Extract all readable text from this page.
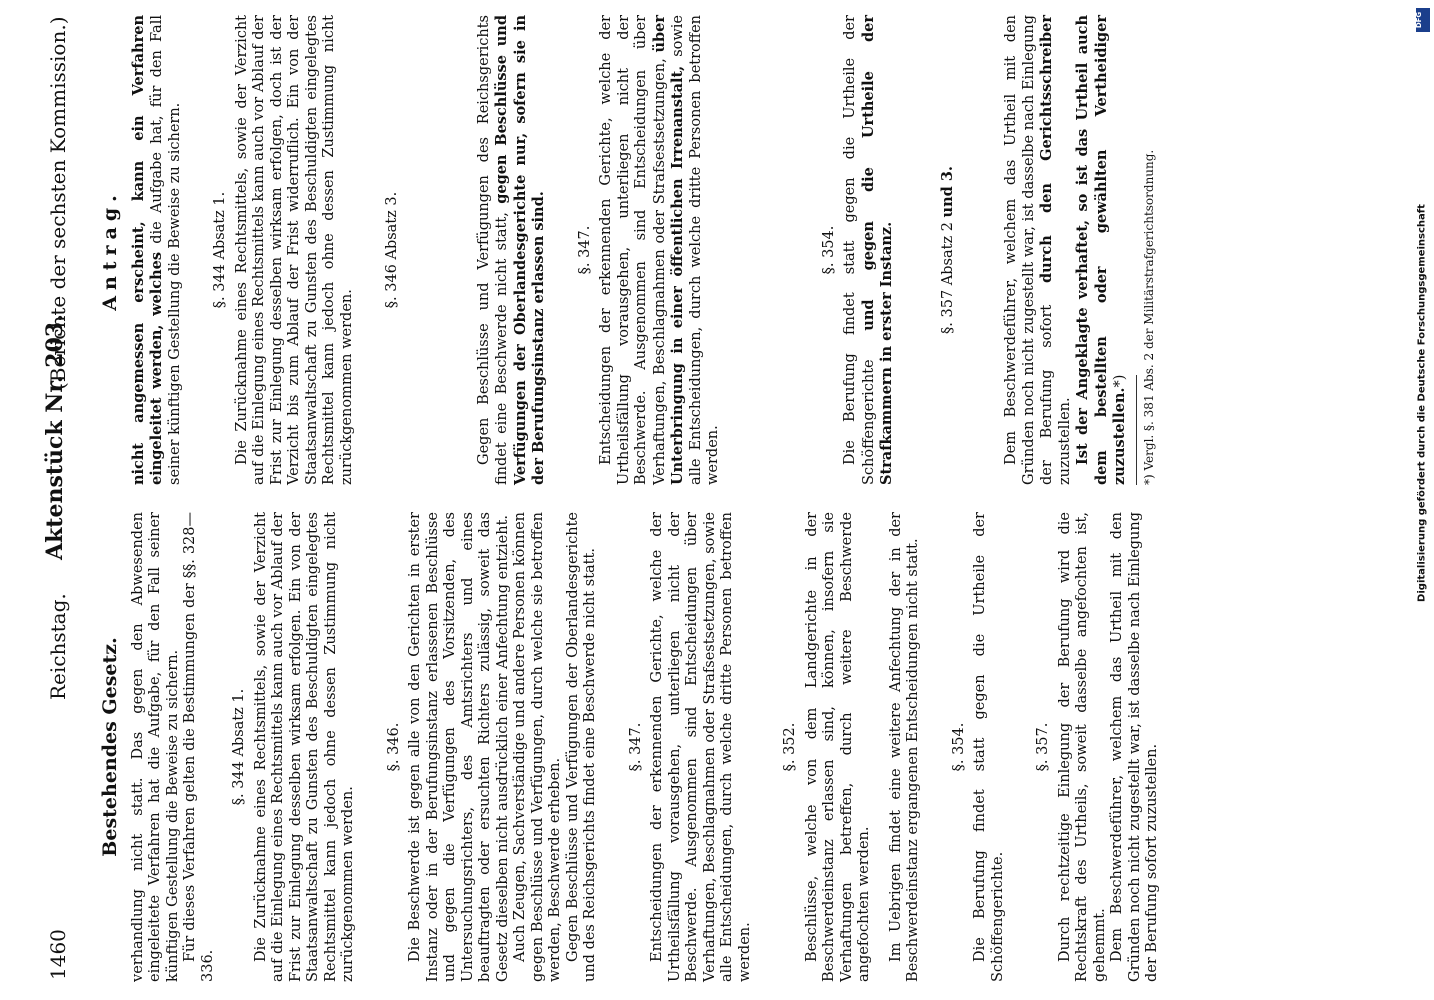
1460
Reichstag.
Aktenstück Nr. 203.
(Berichte der sechsten Kommission.)
Bestehendes Gesetz. verhandlung nicht statt. Das gegen den Abwesenden eingeleitete Verfahren hat die Aufgabe, für den Fall seiner künftigen Gestellung die Beweise zu sichern. Für dieses Verfahren gelten die Bestimmungen der §§. 328—336.

§. 344 Absatz 1. Die Zurücknahme eines Rechtsmittels, sowie der Verzicht auf die Einlegung eines Rechtsmittels kann auch vor Ablauf der Frist zur Einlegung desselben wirksam erfolgen. Ein von der Staatsanwaltschaft zu Gunsten des Beschuldigten eingelegtes Rechtsmittel kann jedoch ohne dessen Zustimmung nicht zurückgenommen werden.

§. 346. Die Beschwerde ist gegen alle von den Gerichten in erster Instanz oder in der Berufungsinstanz erlassenen Beschlüsse und gegen die Verfügungen des Vorsitzenden, des Untersuchungsrichters, des Amtsrichters und eines beauftragten oder ersuchten Richters zulässig, soweit das Gesetz dieselben nicht ausdrücklich einer Anfechtung entzieht. Auch Zeugen, Sachverständige und andere Personen können gegen Beschlüsse und Verfügungen, durch welche sie betroffen werden, Beschwerde erheben. Gegen Beschlüsse und Verfügungen der Oberlandesgerichte und des Reichsgerichts findet eine Beschwerde nicht statt. §. 347. Entscheidungen der erkennenden Gerichte, welche der Urtheilsfällung vorausgehen, unterliegen nicht der Beschwerde. Ausgenommen sind Entscheidungen über Verhaftungen, Beschlagnahmen oder Strafsestsetzungen, sowie alle Entscheidungen, durch welche dritte Personen betroffen werden.

§. 352. Beschlüsse, welche von dem Landgerichte in der Beschwerdeinstanz erlassen sind, können, insofern sie Verhaftungen betreffen, durch weitere Beschwerde angefochten werden. Im Uebrigen findet eine weitere Anfechtung der in der Beschwerdeinstanz ergangenen Entscheidungen nicht statt. §. 354. Die Berufung findet statt gegen die Urtheile der Schöffengerichte.

§. 357. Durch rechtzeitige Einlegung der Berufung wird die Rechtskraft des Urtheils, soweit dasselbe angefochten ist, gehemmt. Dem Beschwerdeführer, welchem das Urtheil mit den Gründen noch nicht zugestellt war, ist dasselbe nach Einlegung der Berufung sofort zuzustellen.

Antrag. nicht angemessen erscheint, kann ein Verfahren eingeleitet werden, welches die Aufgabe hat, für den Fall seiner künftigen Gestellung die Beweise zu sichern. §. 344 Absatz 1. Die Zurücknahme eines Rechtsmittels, sowie der Verzicht auf die Einlegung eines Rechtsmittels kann auch vor Ablauf der Frist zur Einlegung desselben wirksam erfolgen, doch ist der Verzicht bis zum Ablauf der Frist widerruflich. Ein von der Staatsanwaltschaft zu Gunsten des Beschuldigten eingelegtes Rechtsmittel kann jedoch ohne dessen Zustimmung nicht zurückgenommen werden.

§. 346 Absatz 3.	Gegen Beschlüsse und Verfügungen des Reichsgerichts findet eine Beschwerde nicht statt, gegen Beschlüsse und Verfügungen der Oberlandesgerichte nur, sofern sie in der Berufungsinstanz erlassen sind. §. 347. Entscheidungen der erkennenden Gerichte, welche der Urtheilsfällung vorausgehen, unterliegen nicht der Beschwerde. Ausgenommen sind Entscheidungen über Verhaftungen, Beschlagnahmen oder Strafsestsetzungen, über Unterbringung in einer öffentlichen Irrenanstalt, sowie alle Entscheidungen, durch welche dritte Personen betroffen werden.

§. 354. Die Berufung findet statt gegen die Urtheile der Schöffengerichte und gegen die Urtheile der Strafkammern in erster Instanz.	§. 357 Absatz 2 und 3.	Dem Beschwerdeführer, welchem das Urtheil mit den Gründen noch nicht zugestellt war, ist dasselbe nach Einlegung der Berufung sofort durch den Gerichtsschreiber zuzustellen. Ist der Angeklagte verhaftet, so ist das Urtheil auch dem bestellten oder gewählten Vertheidiger zuzustellen.*) *) Vergl. §. 381 Abs. 2 der Militärstrafgerichtsordnung.
DFG
Digitalisierung gefördert durch die Deutsche Forschungsgemeinschaft
